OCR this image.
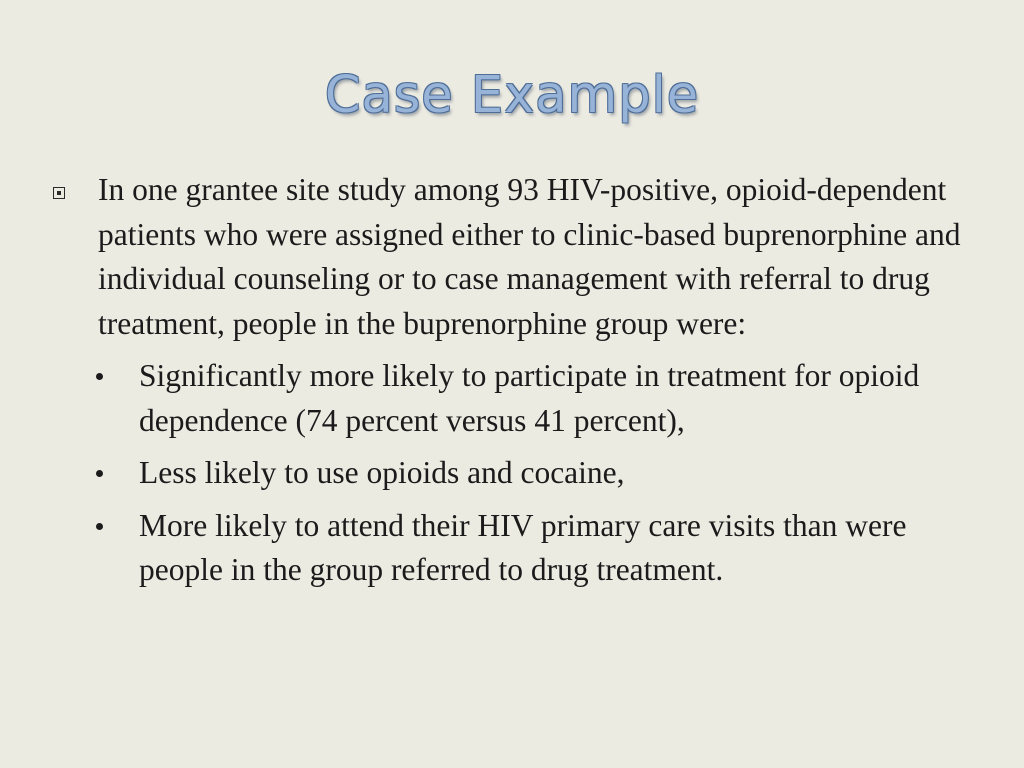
Case Example
In one grantee site study among 93 HIV-positive, opioid-dependent patients who were assigned either to clinic-based buprenorphine and individual counseling or to case management with referral to drug treatment, people in the buprenorphine group were:
Significantly more likely to participate in treatment for opioid dependence (74 percent versus 41 percent),
Less likely to use opioids and cocaine,
More likely to attend their HIV primary care visits than were people in the group referred to drug treatment.
